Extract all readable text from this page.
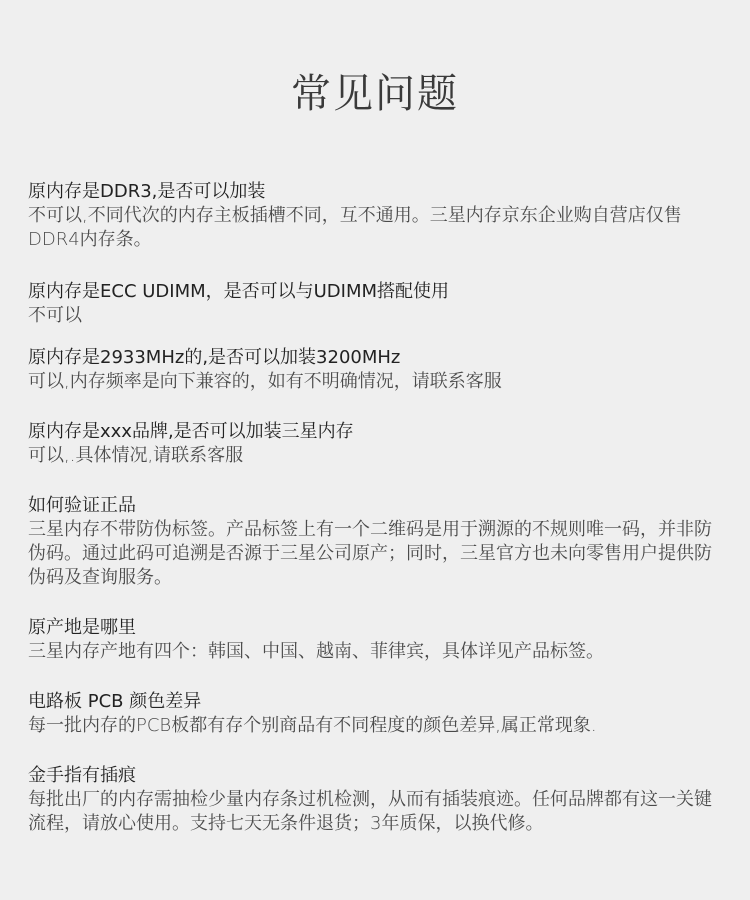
常见问题
原内存是DDR3,是否可以加装
不可以,不同代次的内存主板插槽不同，互不通用。三星内存京东企业购自营店仅售DDR4内存条。
原内存是ECC UDIMM，是否可以与UDIMM搭配使用
不可以
原内存是2933MHz的,是否可以加装3200MHz
可以,内存频率是向下兼容的，如有不明确情况，请联系客服
原内存是xxx品牌,是否可以加装三星内存
可以,.具体情况,请联系客服
如何验证正品
三星内存不带防伪标签。产品标签上有一个二维码是用于溯源的不规则唯一码，并非防伪码。通过此码可追溯是否源于三星公司原产；同时，三星官方也未向零售用户提供防伪码及查询服务。
原产地是哪里
三星内存产地有四个：韩国、中国、越南、菲律宾，具体详见产品标签。
电路板 PCB 颜色差异
每一批内存的PCB板都有存个别商品有不同程度的颜色差异,属正常现象.
金手指有插痕
每批出厂的内存需抽检少量内存条过机检测，从而有插装痕迹。任何品牌都有这一关键流程，请放心使用。支持七天无条件退货；3年质保，以换代修。
